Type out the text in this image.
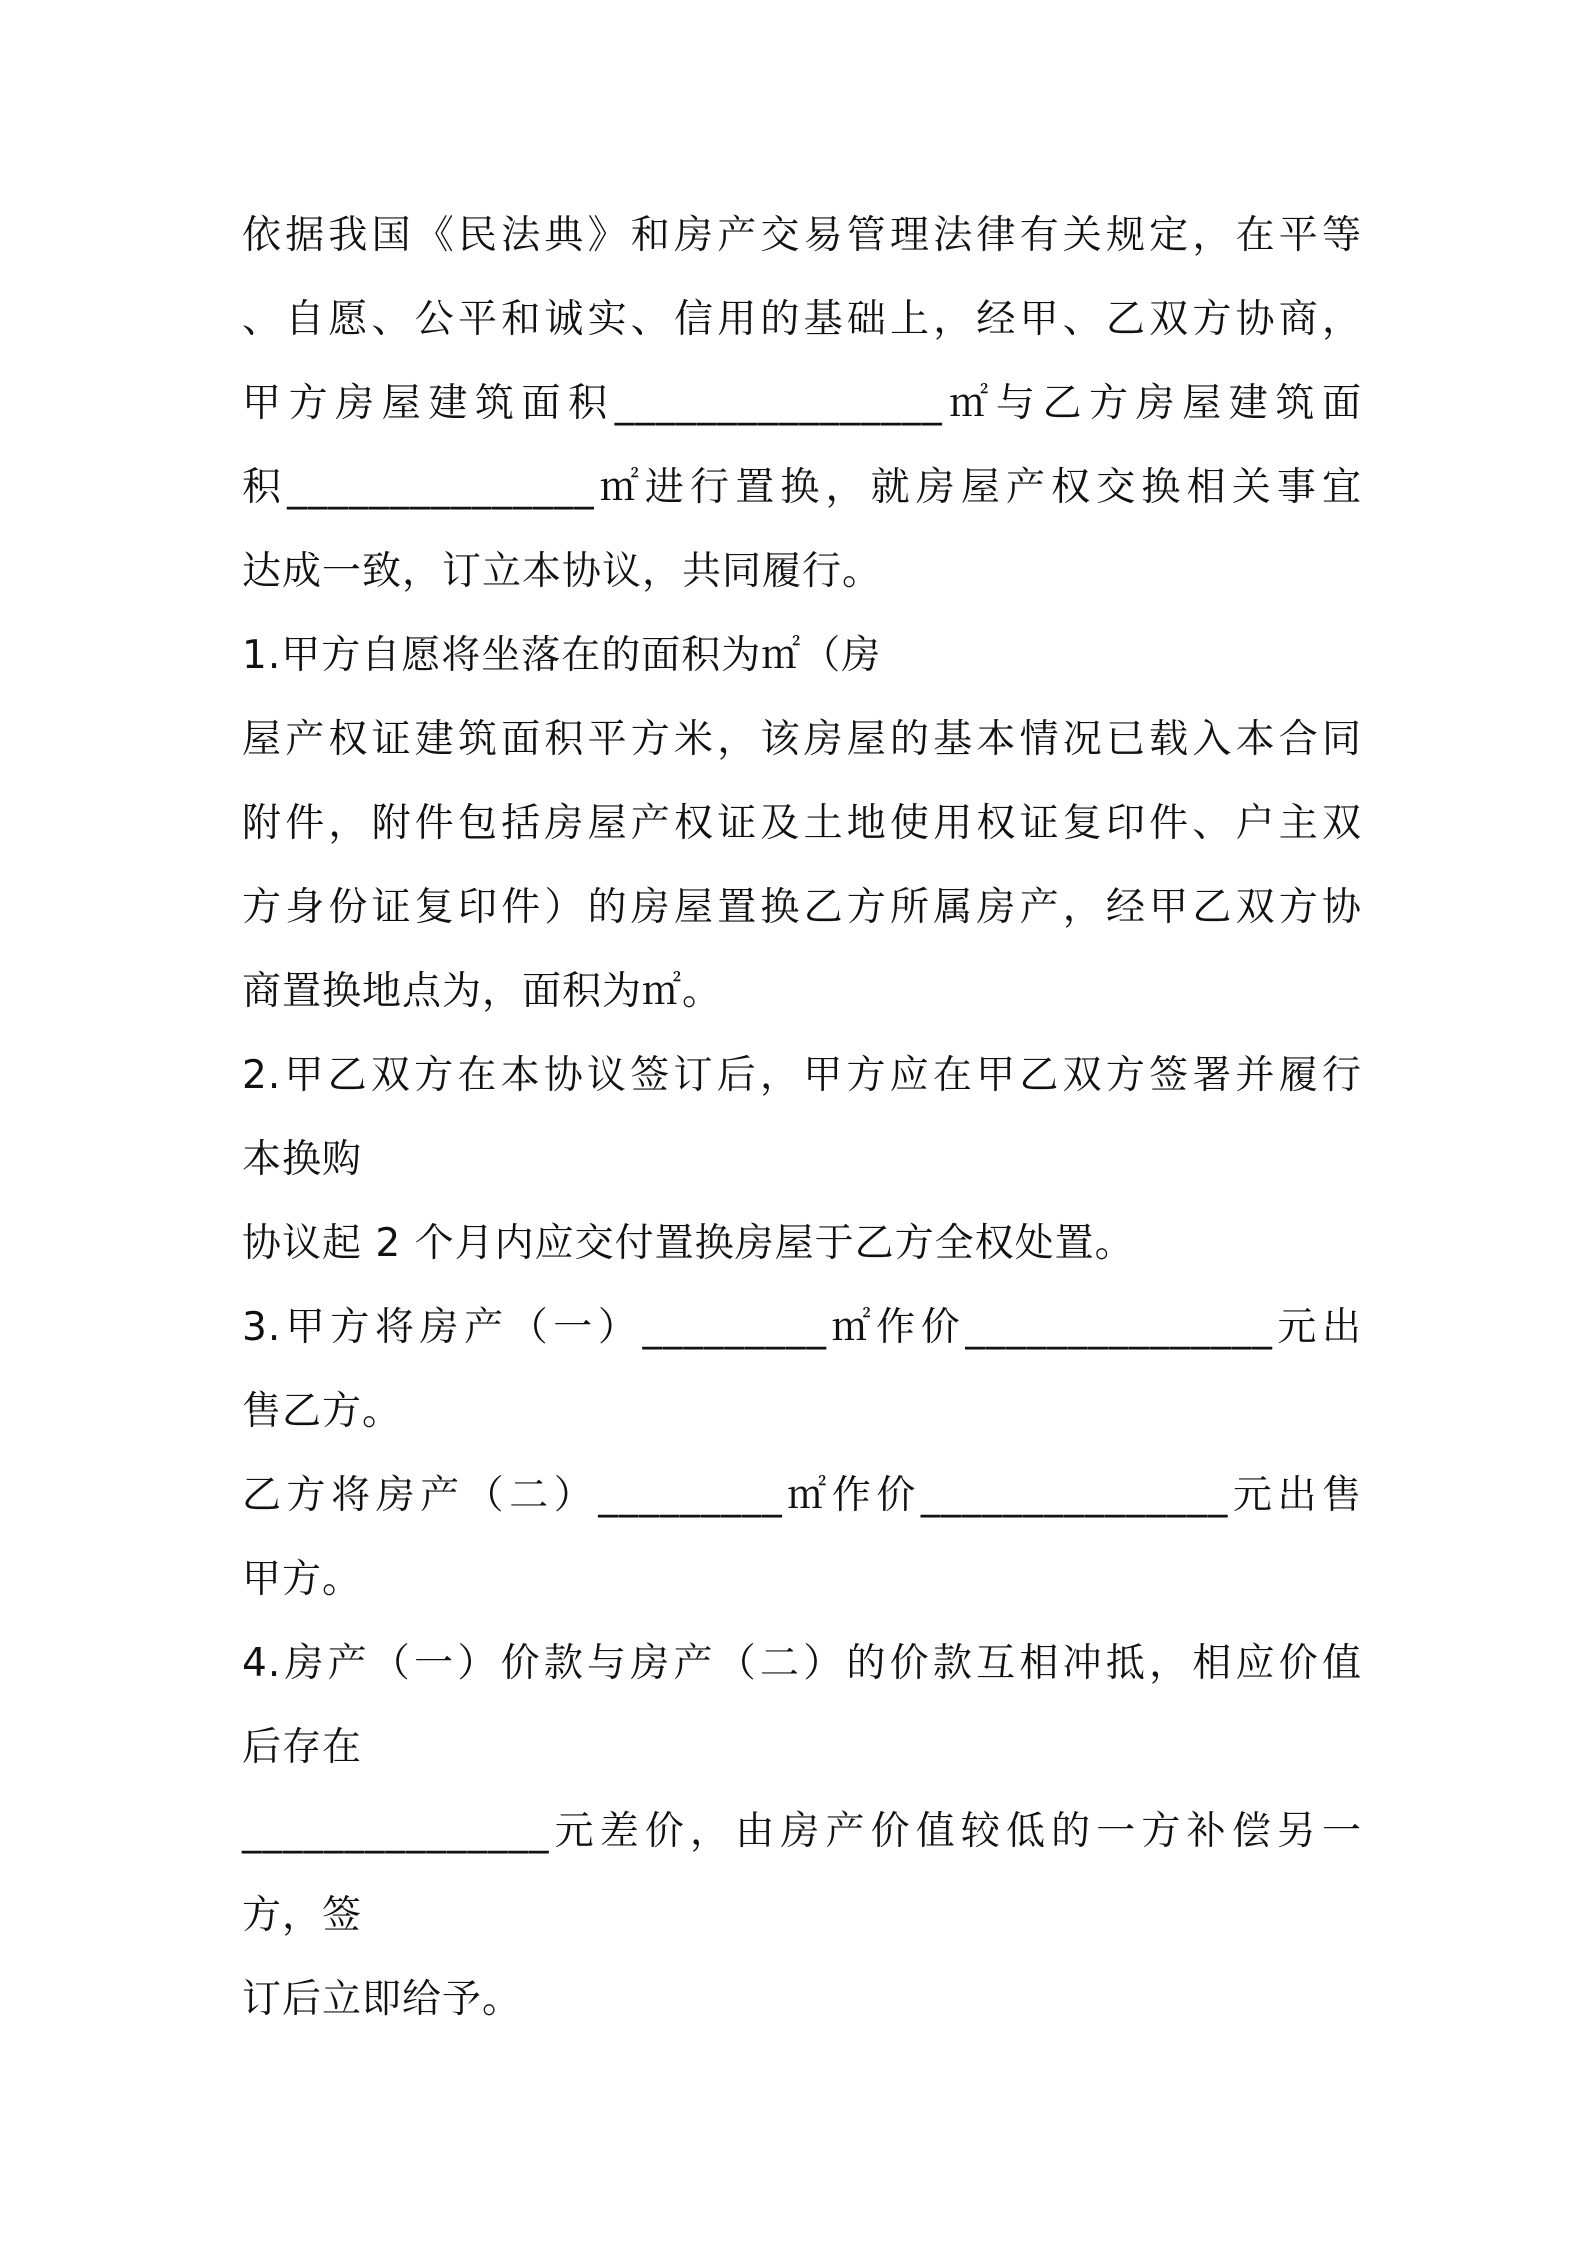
依据我国《民法典》和房产交易管理法律有关规定，在平等
、自愿、公平和诚实、信用的基础上，经甲、乙双方协商，
甲方房屋建筑面积________________㎡与乙方房屋建筑面
积_______________㎡进行置换，就房屋产权交换相关事宜
达成一致，订立本协议，共同履行。
1.甲方自愿将坐落在的面积为㎡（房
屋产权证建筑面积平方米，该房屋的基本情况已载入本合同
附件，附件包括房屋产权证及土地使用权证复印件、户主双
方身份证复印件）的房屋置换乙方所属房产，经甲乙双方协
商置换地点为，面积为㎡。
2.甲乙双方在本协议签订后，甲方应在甲乙双方签署并履行
本换购
协议起 2 个月内应交付置换房屋于乙方全权处置。
3.甲方将房产（一）_________㎡作价_______________元出
售乙方。
乙方将房产（二）_________㎡作价_______________元出售
甲方。
4.房产（一）价款与房产（二）的价款互相冲抵，相应价值
后存在
_______________元差价，由房产价值较低的一方补偿另一
方，签
订后立即给予。
